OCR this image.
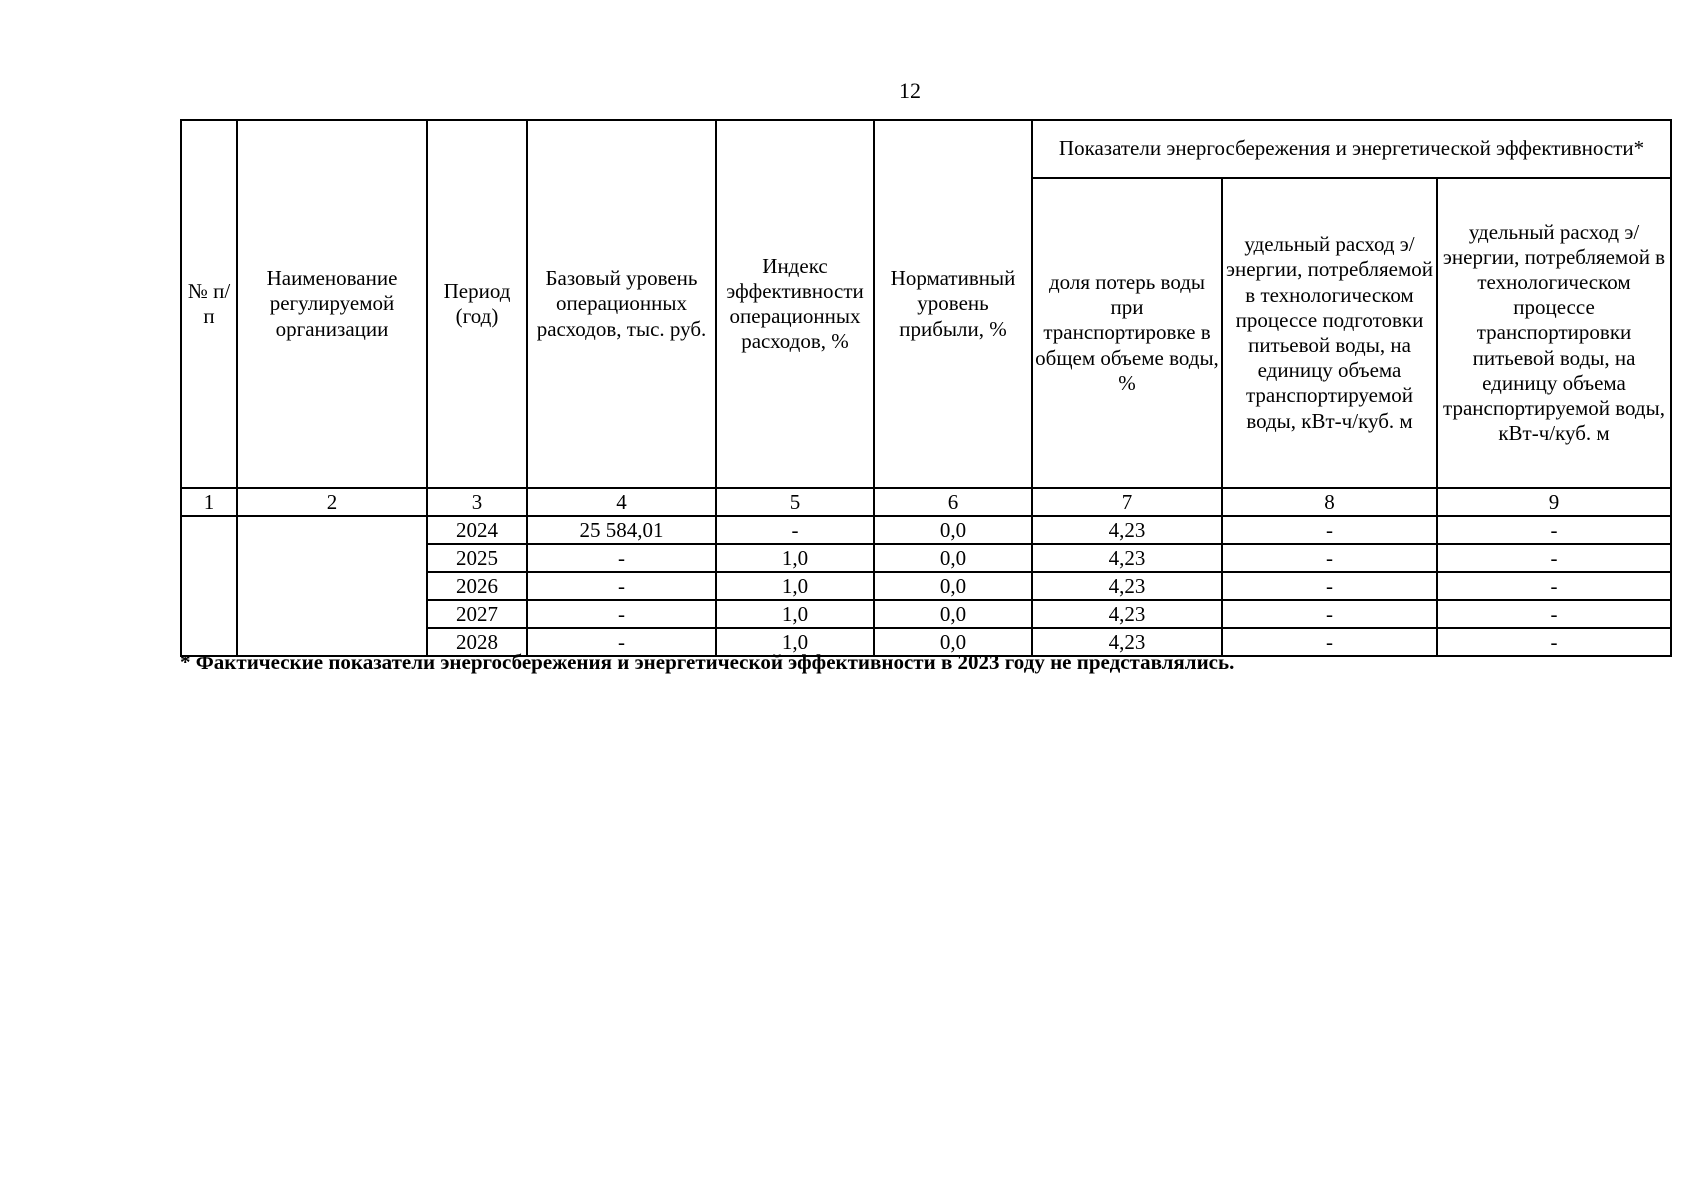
12
№ п/п	Наименование регулируемой организации	Период (год)	Базовый уровень операционных расходов, тыс. руб.	Индекс эффективности операционных расходов, %	Нормативный уровень прибыли, %	Показатели энергосбережения и энергетической эффективности*		
						доля потерь воды при транспортировке в общем объеме воды, %	удельный расход э/энергии, потребляемой в технологическом процессе подготовки питьевой воды, на единицу объема транспортируемой воды, кВт-ч/куб. м	удельный расход э/энергии, потребляемой в технологическом процессе транспортировки питьевой воды, на единицу объема транспортируемой воды, кВт-ч/куб. м
1	2	3	4	5	6	7	8	9
		2024	25 584,01	-	0,0	4,23	-	-
		2025	-	1,0	0,0	4,23	-	-
		2026	-	1,0	0,0	4,23	-	-
		2027	-	1,0	0,0	4,23	-	-
		2028	-	1,0	0,0	4,23	-	-
* Фактические показатели энергосбережения и энергетической эффективности в 2023 году не представлялись.
